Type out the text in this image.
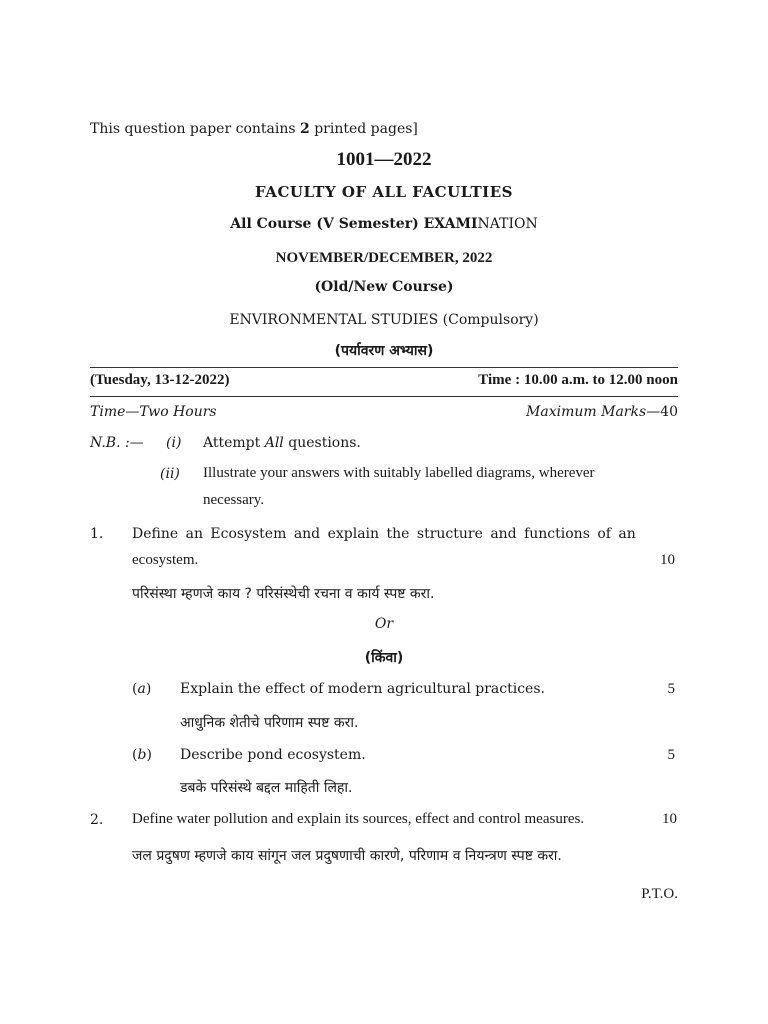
This question paper contains 2 printed pages]
1001—2022
FACULTY OF ALL FACULTIES
All Course (V Semester) EXAMINATION
NOVEMBER/DECEMBER, 2022
(Old/New Course)
ENVIRONMENTAL STUDIES (Compulsory)
(पर्यावरण अभ्यास)
(Tuesday, 13-12-2022)	Time : 10.00 a.m. to 12.00 noon
Time—Two Hours	Maximum Marks—40
N.B. :— (i) Attempt All questions.
(ii) Illustrate your answers with suitably labelled diagrams, wherever
necessary.
1. Define an Ecosystem and explain the structure and functions of an
ecosystem.	10
परिसंस्था म्हणजे काय ? परिसंस्थेची रचना व कार्य स्पष्ट करा.
Or
(किंवा)
(a) Explain the effect of modern agricultural practices.	5
आधुनिक शेतीचे परिणाम स्पष्ट करा.
(b) Describe pond ecosystem.	5
डबके परिसंस्थे बद्दल माहिती लिहा.
2. Define water pollution and explain its sources, effect and control measures.	10
जल प्रदुषण म्हणजे काय सांगून जल प्रदुषणाची कारणे, परिणाम व नियन्त्रण स्पष्ट करा.
P.T.O.
